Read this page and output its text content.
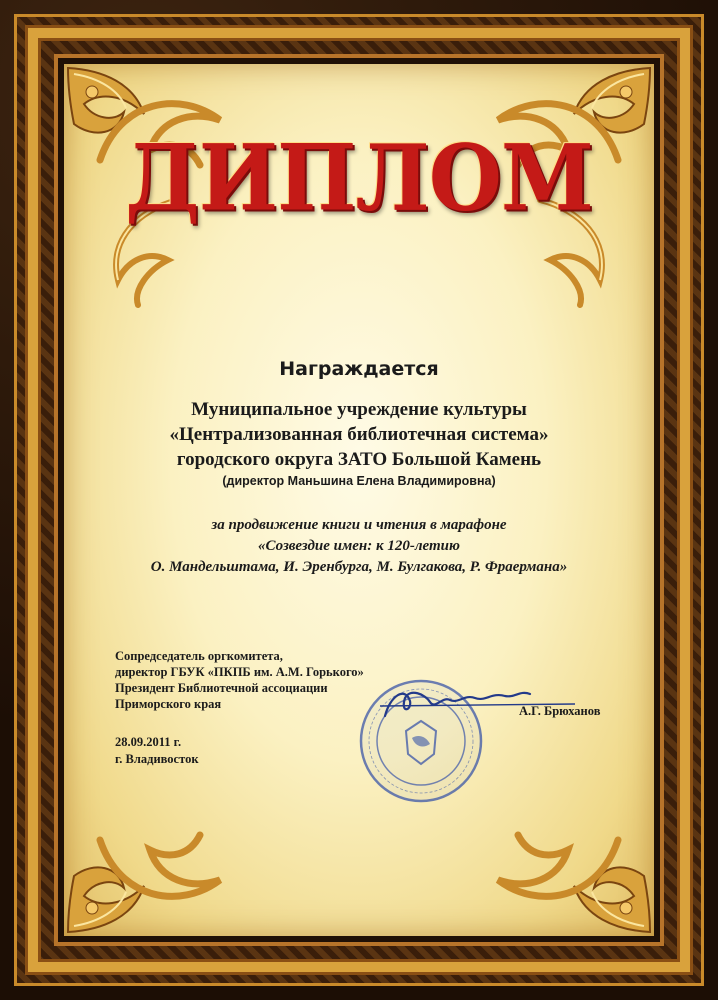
ДИПЛОМ
Награждается
Муниципальное учреждение культуры
«Централизованная библиотечная система»
городского округа ЗАТО Большой Камень
(директор Маньшина Елена Владимировна)
за продвижение книги и чтения в марафоне
«Созвездие имен: к 120-летию
О. Мандельштама, И. Эренбурга, М. Булгакова, Р. Фраермана»
Сопредседатель оргкомитета,
директор ГБУК «ПКПБ им. А.М. Горького»
Президент Библиотечной ассоциации
Приморского края	А.Г. Брюханов
28.09.2011 г.
г. Владивосток
